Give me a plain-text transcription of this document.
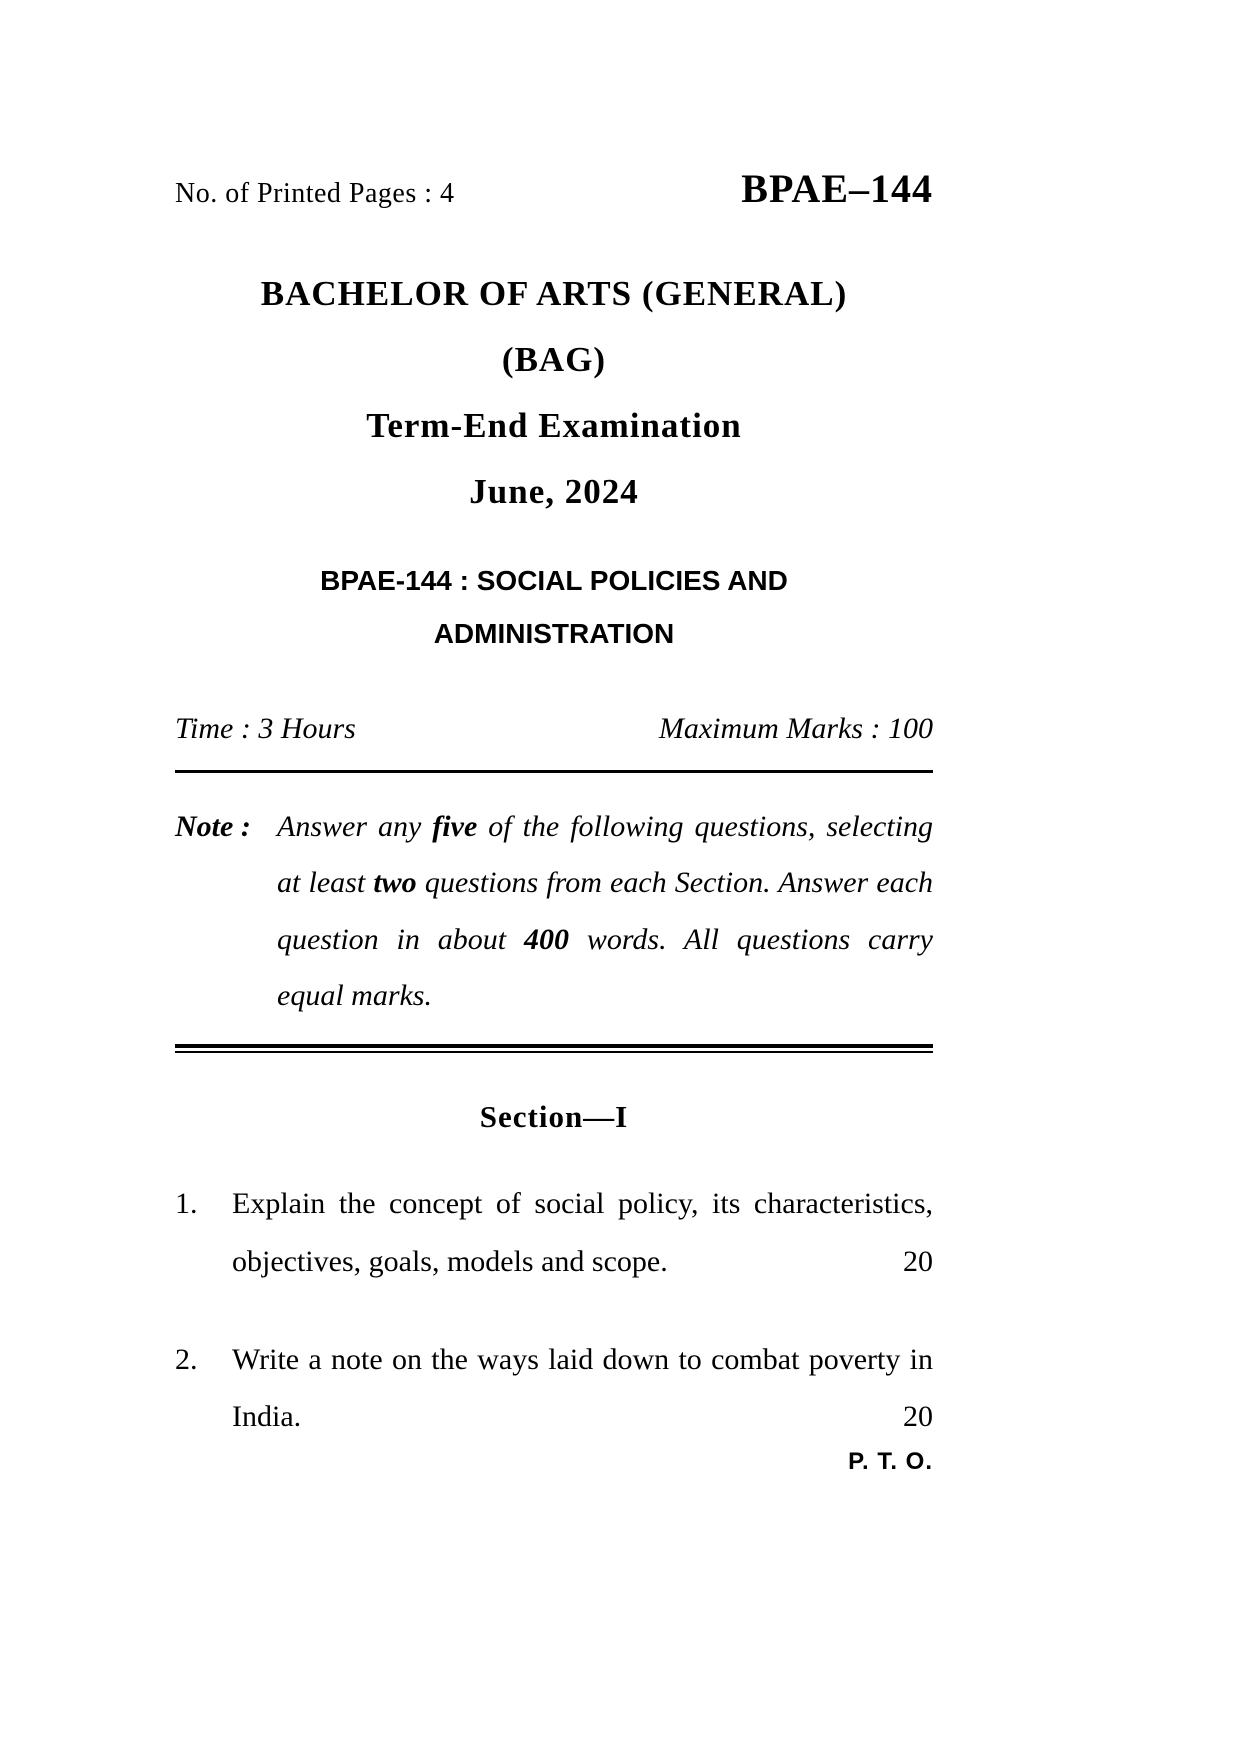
No. of Printed Pages : 4	BPAE–144
BACHELOR OF ARTS (GENERAL)
(BAG)
Term-End Examination
June, 2024
BPAE-144 : SOCIAL POLICIES AND
ADMINISTRATION
Time : 3 Hours	Maximum Marks : 100
Note : Answer any five of the following questions, selecting at least two questions from each Section. Answer each question in about 400 words. All questions carry equal marks.
Section—I
1.	Explain the concept of social policy, its characteristics, objectives, goals, models and scope.	20
2.	Write a note on the ways laid down to combat poverty in India.	20
P. T. O.
